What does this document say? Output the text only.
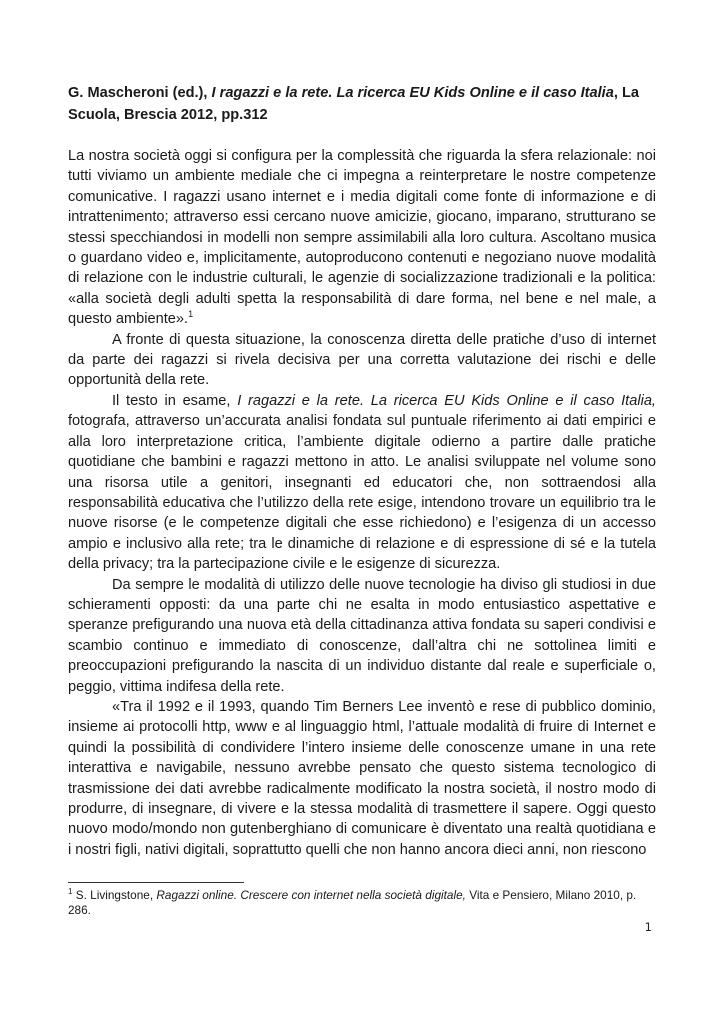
G. Mascheroni (ed.), I ragazzi e la rete. La ricerca EU Kids Online e il caso Italia, La Scuola, Brescia 2012, pp.312

La nostra società oggi si configura per la complessità che riguarda la sfera relazionale: noi tutti viviamo un ambiente mediale che ci impegna a reinterpretare le nostre competenze comunicative. I ragazzi usano internet e i media digitali come fonte di informazione e di intrattenimento; attraverso essi cercano nuove amicizie, giocano, imparano, strutturano se stessi specchiandosi in modelli non sempre assimilabili alla loro cultura. Ascoltano musica o guardano video e, implicitamente, autoproducono contenuti e negoziano nuove modalità di relazione con le industrie culturali, le agenzie di socializzazione tradizionali e la politica: «alla società degli adulti spetta la responsabilità di dare forma, nel bene e nel male, a questo ambiente».$^1$

A fronte di questa situazione, la conoscenza diretta delle pratiche d’uso di internet da parte dei ragazzi si rivela decisiva per una corretta valutazione dei rischi e delle opportunità della rete.

Il testo in esame, I ragazzi e la rete. La ricerca EU Kids Online e il caso Italia, fotografa, attraverso un’accurata analisi fondata sul puntuale riferimento ai dati empirici e alla loro interpretazione critica, l’ambiente digitale odierno a partire dalle pratiche quotidiane che bambini e ragazzi mettono in atto. Le analisi sviluppate nel volume sono una risorsa utile a genitori, insegnanti ed educatori che, non sottraendosi alla responsabilità educativa che l’utilizzo della rete esige, intendono trovare un equilibrio tra le nuove risorse (e le competenze digitali che esse richiedono) e l’esigenza di un accesso ampio e inclusivo alla rete; tra le dinamiche di relazione e di espressione di sé e la tutela della privacy; tra la partecipazione civile e le esigenze di sicurezza.

Da sempre le modalità di utilizzo delle nuove tecnologie ha diviso gli studiosi in due schieramenti opposti: da una parte chi ne esalta in modo entusiastico aspettative e speranze prefigurando una nuova età della cittadinanza attiva fondata su saperi condivisi e scambio continuo e immediato di conoscenze, dall’altra chi ne sottolinea limiti e preoccupazioni prefigurando la nascita di un individuo distante dal reale e superficiale o, peggio, vittima indifesa della rete.

«Tra il 1992 e il 1993, quando Tim Berners Lee inventò e rese di pubblico dominio, insieme ai protocolli http, www e al linguaggio html, l’attuale modalità di fruire di Internet e quindi la possibilità di condividere l’intero insieme delle conoscenze umane in una rete interattiva e navigabile, nessuno avrebbe pensato che questo sistema tecnologico di trasmissione dei dati avrebbe radicalmente modificato la nostra società, il nostro modo di produrre, di insegnare, di vivere e la stessa modalità di trasmettere il sapere. Oggi questo nuovo modo/mondo non gutenberghiano di comunicare è diventato una realtà quotidiana e i nostri figli, nativi digitali, soprattutto quelli che non hanno ancora dieci anni, non riescono

$^1$ S. Livingstone, Ragazzi online. Crescere con internet nella società digitale, Vita e Pensiero, Milano 2010, p. 286.
1
